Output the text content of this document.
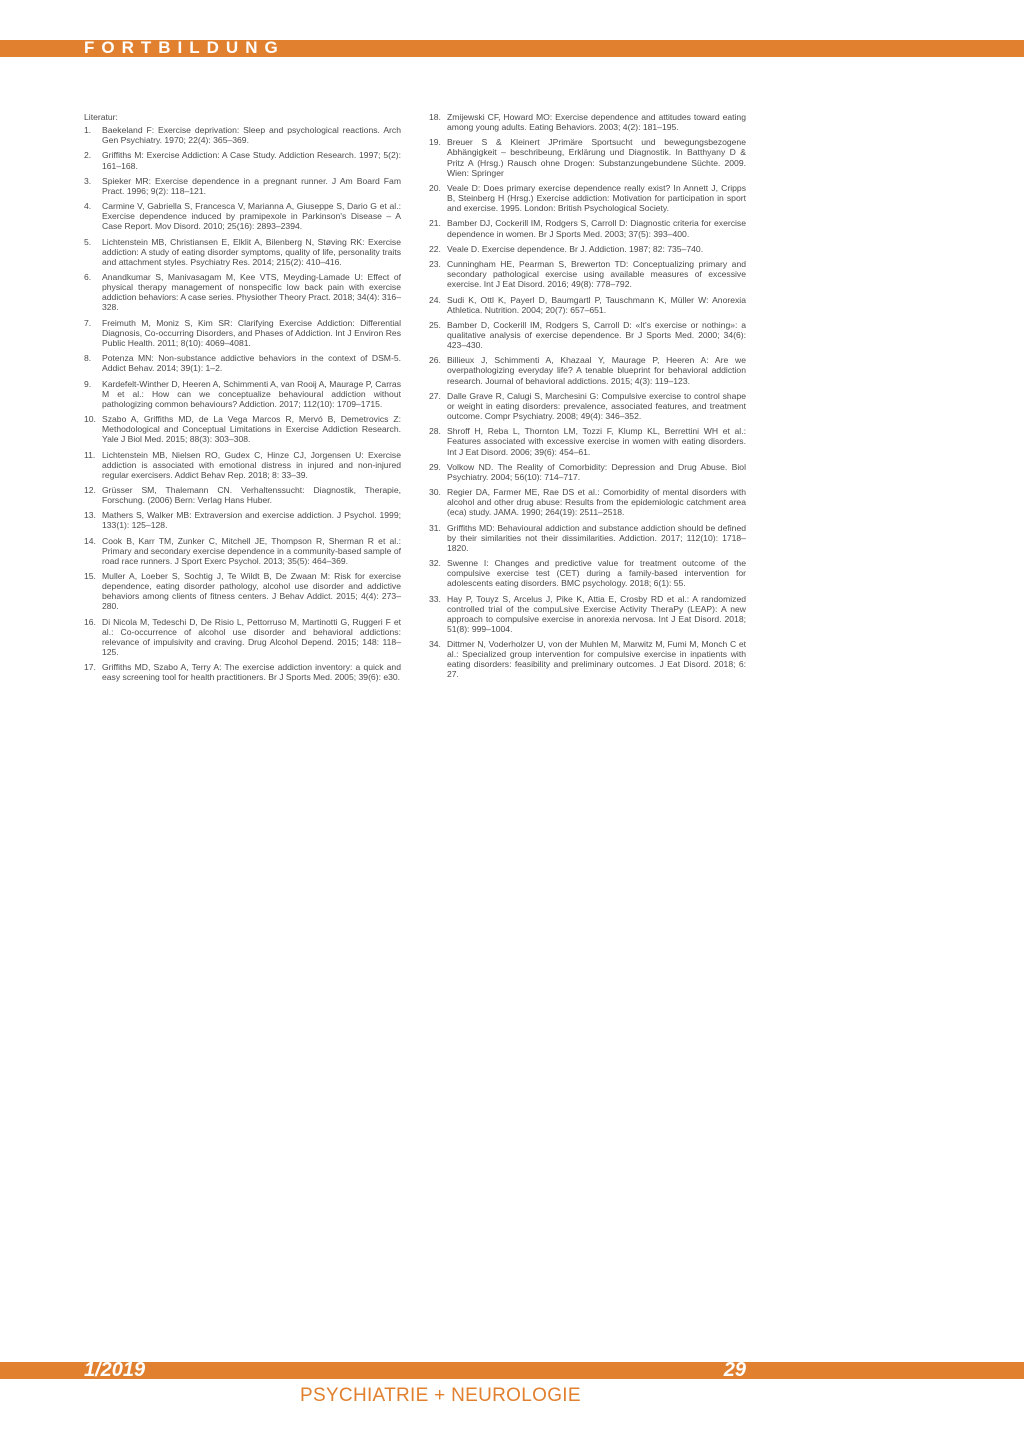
FORTBILDUNG

Literatur:

1.	Baekeland F: Exercise deprivation: Sleep and psychological reactions. Arch Gen Psychiatry. 1970; 22(4): 365–369.
2.	Griffiths M: Exercise Addiction: A Case Study. Addiction Research. 1997; 5(2): 161–168.
3.	Spieker MR: Exercise dependence in a pregnant runner. J Am Board Fam Pract. 1996; 9(2): 118–121.
4.	Carmine V, Gabriella S, Francesca V, Marianna A, Giuseppe S, Dario G et al.: Exercise dependence induced by pramipexole in Parkinson's Disease – A Case Report. Mov Disord. 2010; 25(16): 2893–2394.
5.	Lichtenstein MB, Christiansen E, Elklit A, Bilenberg N, Støving RK: Exercise addiction: A study of eating disorder symptoms, quality of life, personality traits and attachment styles. Psychiatry Res. 2014; 215(2): 410–416.
6.	Anandkumar S, Manivasagam M, Kee VTS, Meyding-Lamade U: Effect of physical therapy management of nonspecific low back pain with exercise addiction behaviors: A case series. Physiother Theory Pract. 2018; 34(4): 316–328.
7.	Freimuth M, Moniz S, Kim SR: Clarifying Exercise Addiction: Differential Diagnosis, Co-occurring Disorders, and Phases of Addiction. Int J Environ Res Public Health. 2011; 8(10): 4069–4081.
8.	Potenza MN: Non-substance addictive behaviors in the context of DSM-5. Addict Behav. 2014; 39(1): 1–2.
9.	Kardefelt-Winther D, Heeren A, Schimmenti A, van Rooij A, Maurage P, Carras M et al.: How can we conceptualize behavioural addiction without pathologizing common behaviours? Addiction. 2017; 112(10): 1709–1715.
10. Szabo A, Griffiths MD, de La Vega Marcos R, Mervó B, Demetrovics Z: Methodological and Conceptual Limitations in Exercise Addiction Research. Yale J Biol Med. 2015; 88(3): 303–308.
11. Lichtenstein MB, Nielsen RO, Gudex C, Hinze CJ, Jorgensen U: Exercise addiction is associated with emotional distress in injured and non-injured regular exercisers. Addict Behav Rep. 2018; 8: 33–39.
12. Grüsser SM, Thalemann CN. Verhaltenssucht: Diagnostik, Therapie, Forschung. (2006) Bern: Verlag Hans Huber.
13. Mathers S, Walker MB: Extraversion and exercise addiction. J Psychol. 1999; 133(1): 125–128.
14. Cook B, Karr TM, Zunker C, Mitchell JE, Thompson R, Sherman R et al.: Primary and secondary exercise dependence in a community-based sample of road race runners. J Sport Exerc Psychol. 2013; 35(5): 464–369.
15. Muller A, Loeber S, Sochtig J, Te Wildt B, De Zwaan M: Risk for exercise dependence, eating disorder pathology, alcohol use disorder and addictive behaviors among clients of fitness centers. J Behav Addict. 2015; 4(4): 273–280.
16. Di Nicola M, Tedeschi D, De Risio L, Pettorruso M, Martinotti G, Ruggeri F et al.: Co-occurrence of alcohol use disorder and behavioral addictions: relevance of impulsivity and craving. Drug Alcohol Depend. 2015; 148: 118–125.
17. Griffiths MD, Szabo A, Terry A: The exercise addiction inventory: a quick and easy screening tool for health practitioners. Br J Sports Med. 2005; 39(6): e30.
18. Zmijewski CF, Howard MO: Exercise dependence and attitudes toward eating among young adults. Eating Behaviors. 2003; 4(2): 181–195.
19. Breuer S & Kleinert JPrimäre Sportsucht und bewegungsbezogene Abhängigkeit – beschribeung, Erklärung und Diagnostik. In Batthyany D & Pritz A (Hrsg.) Rausch ohne Drogen: Substanzungebundene Süchte. 2009. Wien: Springer
20. Veale D: Does primary exercise dependence really exist? In Annett J, Cripps B, Steinberg H (Hrsg.) Exercise addiction: Motivation for participation in sport and exercise. 1995. London: British Psychological Society.
21. Bamber DJ, Cockerill IM, Rodgers S, Carroll D: Diagnostic criteria for exercise dependence in women. Br J Sports Med. 2003; 37(5): 393–400.
22. Veale D. Exercise dependence. Br J. Addiction. 1987; 82: 735–740.
23. Cunningham HE, Pearman S, Brewerton TD: Conceptualizing primary and secondary pathological exercise using available measures of excessive exercise. Int J Eat Disord. 2016; 49(8): 778–792.
24. Sudi K, Ottl K, Payerl D, Baumgartl P, Tauschmann K, Müller W: Anorexia Athletica. Nutrition. 2004; 20(7): 657–651.
25. Bamber D, Cockerill IM, Rodgers S, Carroll D: «It's exercise or nothing»: a qualitative analysis of exercise dependence. Br J Sports Med. 2000; 34(6): 423–430.
26. Billieux J, Schimmenti A, Khazaal Y, Maurage P, Heeren A: Are we overpathologizing everyday life? A tenable blueprint for behavioral addiction research. Journal of behavioral addictions. 2015; 4(3): 119–123.
27. Dalle Grave R, Calugi S, Marchesini G: Compulsive exercise to control shape or weight in eating disorders: prevalence, associated features, and treatment outcome. Compr Psychiatry. 2008; 49(4): 346–352.
28. Shroff H, Reba L, Thornton LM, Tozzi F, Klump KL, Berrettini WH et al.: Features associated with excessive exercise in women with eating disorders. Int J Eat Disord. 2006; 39(6): 454–61.
29. Volkow ND. The Reality of Comorbidity: Depression and Drug Abuse. Biol Psychiatry. 2004; 56(10): 714–717.
30. Regier DA, Farmer ME, Rae DS et al.: Comorbidity of mental disorders with alcohol and other drug abuse: Results from the epidemiologic catchment area (eca) study. JAMA. 1990; 264(19): 2511–2518.
31. Griffiths MD: Behavioural addiction and substance addiction should be defined by their similarities not their dissimilarities. Addiction. 2017; 112(10): 1718–1820.
32. Swenne I: Changes and predictive value for treatment outcome of the compulsive exercise test (CET) during a family-based intervention for adolescents eating disorders. BMC psychology. 2018; 6(1): 55.
33. Hay P, Touyz S, Arcelus J, Pike K, Attia E, Crosby RD et al.: A randomized controlled trial of the compuLsive Exercise Activity TheraPy (LEAP): A new approach to compulsive exercise in anorexia nervosa. Int J Eat Disord. 2018; 51(8): 999–1004.
34. Dittmer N, Voderholzer U, von der Muhlen M, Marwitz M, Fumi M, Monch C et al.: Specialized group intervention for compulsive exercise in inpatients with eating disorders: feasibility and preliminary outcomes. J Eat Disord. 2018; 6: 27.

1/2019	29

PSYCHIATRIE + NEUROLOGIE
